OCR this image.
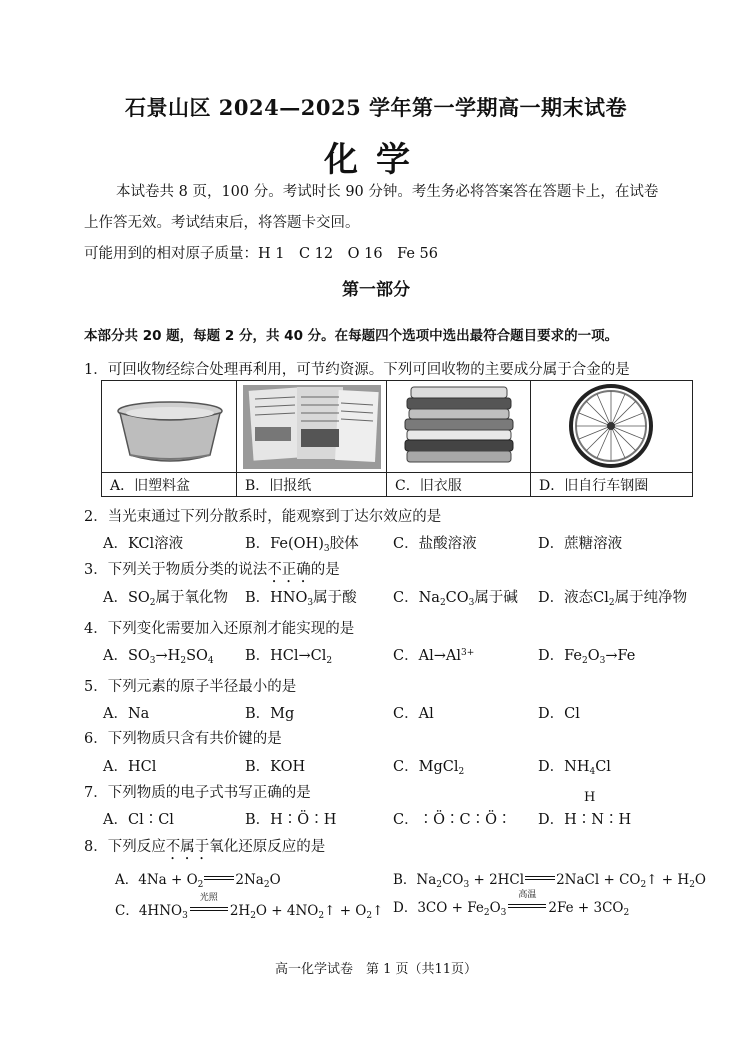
石景山区 2024—2025 学年第一学期高一期末试卷
化学
本试卷共 8 页，100 分。考试时长 90 分钟。考生务必将答案答在答题卡上，在试卷
上作答无效。考试结束后，将答题卡交回。
可能用到的相对原子质量：H 1　C 12　O 16　Fe 56
第一部分
本部分共 20 题，每题 2 分，共 40 分。在每题四个选项中选出最符合题目要求的一项。
1．可回收物经综合处理再利用，可节约资源。下列可回收物的主要成分属于合金的是
A．旧塑料盆	B．旧报纸	C．旧衣服	D．旧自行车钢圈
2．当光束通过下列分散系时，能观察到丁达尔效应的是
A．KCl溶液	B．$Fe(OH)_3$胶体 C．盐酸溶液	D．蔗糖溶液
3．下列关于物质分类的说法不正确的是
A．$SO_2$属于氧化物 B．$HNO_3$属于酸	C．$Na_2CO_3$属于碱 D．液态$Cl_2$属于纯净物
4．下列变化需要加入还原剂才能实现的是
A．$SO_3\to H_2SO_4$ B．$HCl\to Cl_2$	C．$Al\to Al^{3+}$	D．$Fe_2O_3\to Fe$
5．下列元素的原子半径最小的是
A．Na	B．Mg	C．Al	D．Cl
6．下列物质只含有共价键的是
A．HCl	B．KOH	C．MgCl$_2$	D．$NH_4Cl$
7．下列物质的电子式书写正确的是
A．Cl∶Cl	B．H∶Ö∶H	C．∶Ö∶C∶Ö∶
H
D．H∶N∶H
8．下列反应不属于氧化还原反应的是
A．$4Na + O_2$ $2Na_2O$	B．$Na_2CO_3 + 2HCl$ 2NaCl + $CO_2↑ + H_2O$
C．$4HNO_3$
光照
$2H_2O$ + $4NO_2↑$ + $O_2↑$ D．$3CO + Fe_2O_3$
高温
$2Fe + 3CO_2$
高一化学试卷　第 1 页（共11页）
